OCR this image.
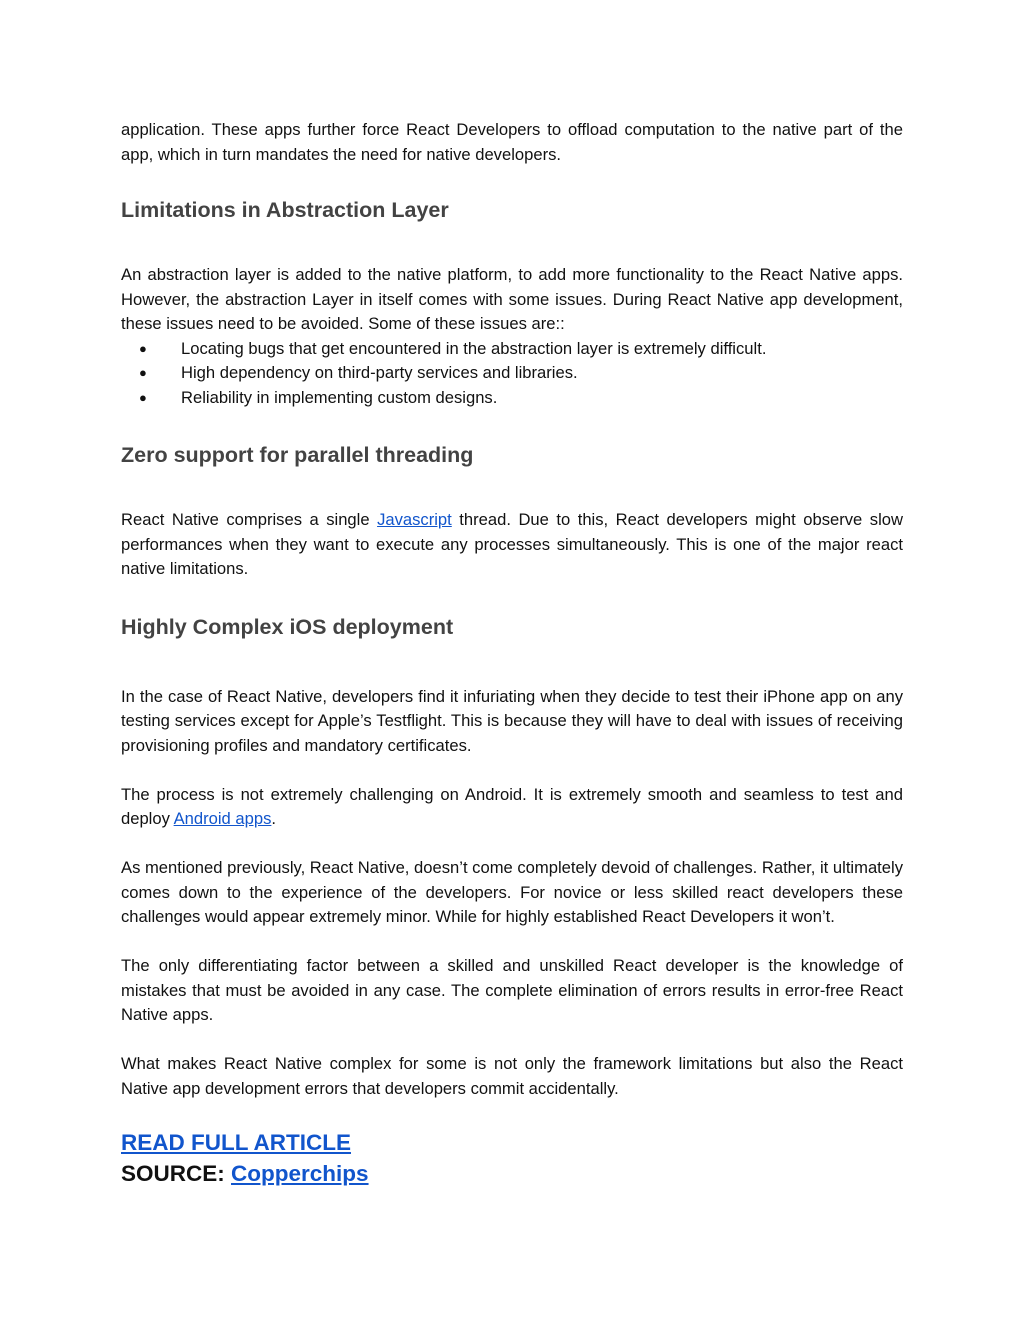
application. These apps further force React Developers to offload computation to the native part of the app, which in turn mandates the need for native developers.

Limitations in Abstraction Layer

An abstraction layer is added to the native platform, to add more functionality to the React Native apps. However, the abstraction Layer in itself comes with some issues. During React Native app development, these issues need to be avoided. Some of these issues are::

● Locating bugs that get encountered in the abstraction layer is extremely difficult.
● High dependency on third-party services and libraries.
● Reliability in implementing custom designs.
Zero support for parallel threading

React Native comprises a single Javascript thread. Due to this, React developers might observe slow performances when they want to execute any processes simultaneously. This is one of the major react native limitations.

Highly Complex iOS deployment

In the case of React Native, developers find it infuriating when they decide to test their iPhone app on any testing services except for Apple’s Testflight. This is because they will have to deal with issues of receiving provisioning profiles and mandatory certificates.

The process is not extremely challenging on Android. It is extremely smooth and seamless to test and deploy Android apps.

As mentioned previously, React Native, doesn’t come completely devoid of challenges. Rather, it ultimately comes down to the experience of the developers. For novice or less skilled react developers these challenges would appear extremely minor. While for highly established React Developers it won’t.

The only differentiating factor between a skilled and unskilled React developer is the knowledge of mistakes that must be avoided in any case. The complete elimination of errors results in error-free React Native apps.

What makes React Native complex for some is not only the framework limitations but also the React Native app development errors that developers commit accidentally.

READ FULL ARTICLE
SOURCE: Copperchips
